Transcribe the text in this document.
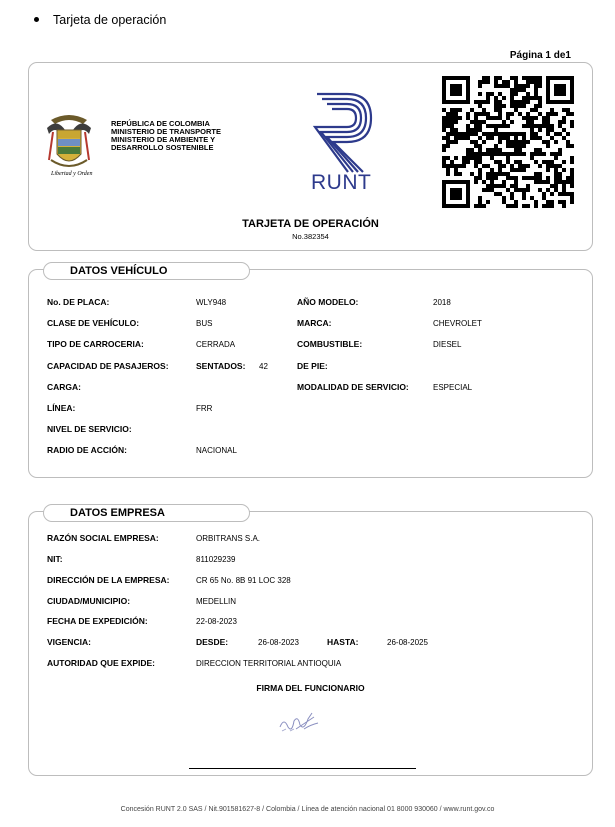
Tarjeta de operación
Página 1 de1
Libertad y Orden
REPÚBLICA DE COLOMBIA
MINISTERIO DE TRANSPORTE
MINISTERIO DE AMBIENTE Y
DESARROLLO SOSTENIBLE
RUNT
TARJETA DE OPERACIÓN
No.382354
DATOS VEHÍCULO
No. DE PLACA:	WLY948
CLASE DE VEHÍCULO:	BUS
TIPO DE CARROCERIA:	CERRADA
CAPACIDAD DE PASAJEROS:	SENTADOS: 42
CARGA:
LÍNEA:	FRR
NIVEL DE SERVICIO:
RADIO DE ACCIÓN:	NACIONAL
AÑO MODELO:	2018
MARCA:	CHEVROLET
COMBUSTIBLE:	DIESEL
DE PIE:
MODALIDAD DE SERVICIO:	ESPECIAL
DATOS EMPRESA
RAZÓN SOCIAL EMPRESA:	ORBITRANS S.A.
NIT:	811029239
DIRECCIÓN DE LA EMPRESA:	CR 65 No. 8B 91 LOC 328
CIUDAD/MUNICIPIO:	MEDELLIN
FECHA DE EXPEDICIÓN:	22-08-2023
VIGENCIA:	DESDE:	26-08-2023	HASTA:	26-08-2025
AUTORIDAD QUE EXPIDE:	DIRECCION TERRITORIAL ANTIOQUIA
FIRMA DEL FUNCIONARIO
Concesión RUNT 2.0 SAS / Nit.901581627-8 / Colombia / Línea de atención nacional 01 8000 930060 / www.runt.gov.co
